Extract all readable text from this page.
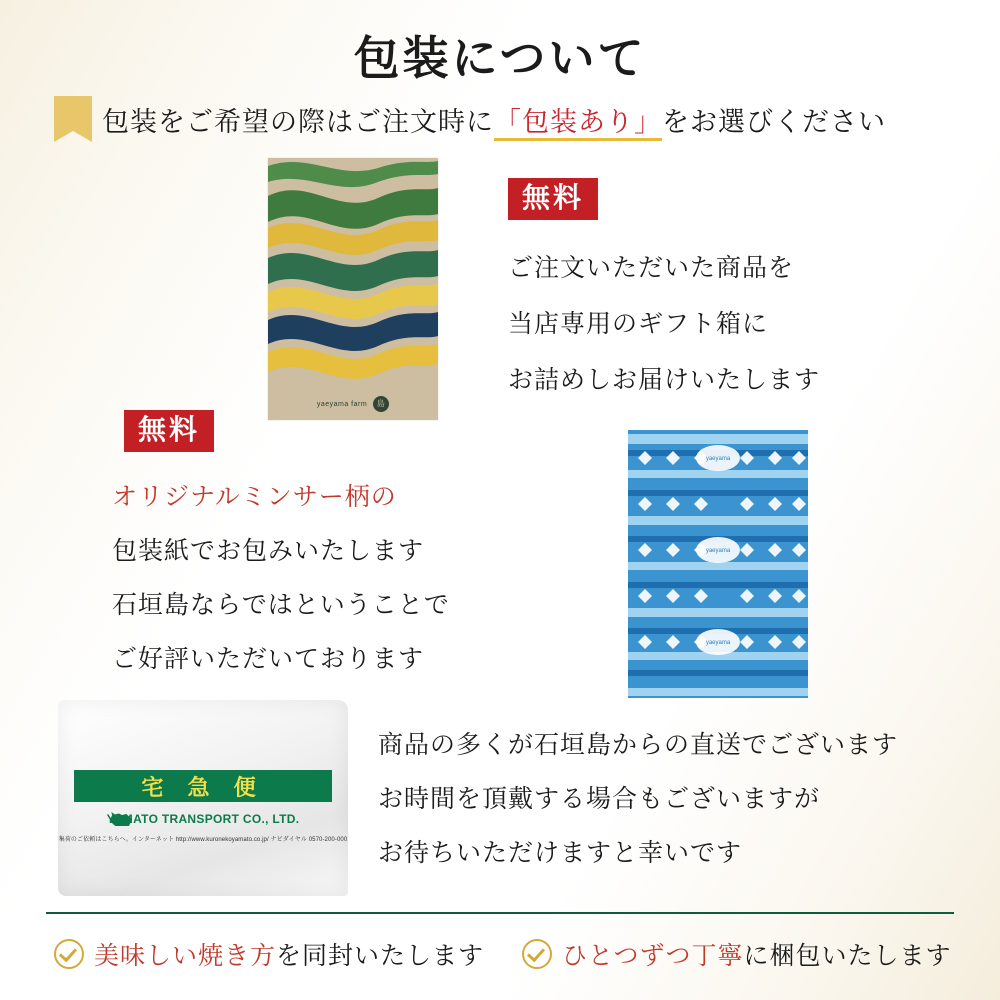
包装について
包装をご希望の際はご注文時に「包装あり」をお選びください
yaeyama farm 島
無料
ご注文いただいた商品を
当店専用のギフト箱に
お詰めしお届けいたします
無料
オリジナルミンサー柄の
包装紙でお包みいたします
石垣島ならではということで
ご好評いただいております
yaeyama
yaeyama
yaeyama
宅 急 便
YAMATO TRANSPORT CO., LTD.
集荷のご依頼はこちらへ。インターネット http://www.kuronekoyamato.co.jp/ ナビダイヤル 0570-200-000
商品の多くが石垣島からの直送でございます
お時間を頂戴する場合もございますが
お待ちいただけますと幸いです
美味しい焼き方 を同封いたします	ひとつずつ丁寧 に梱包いたします
